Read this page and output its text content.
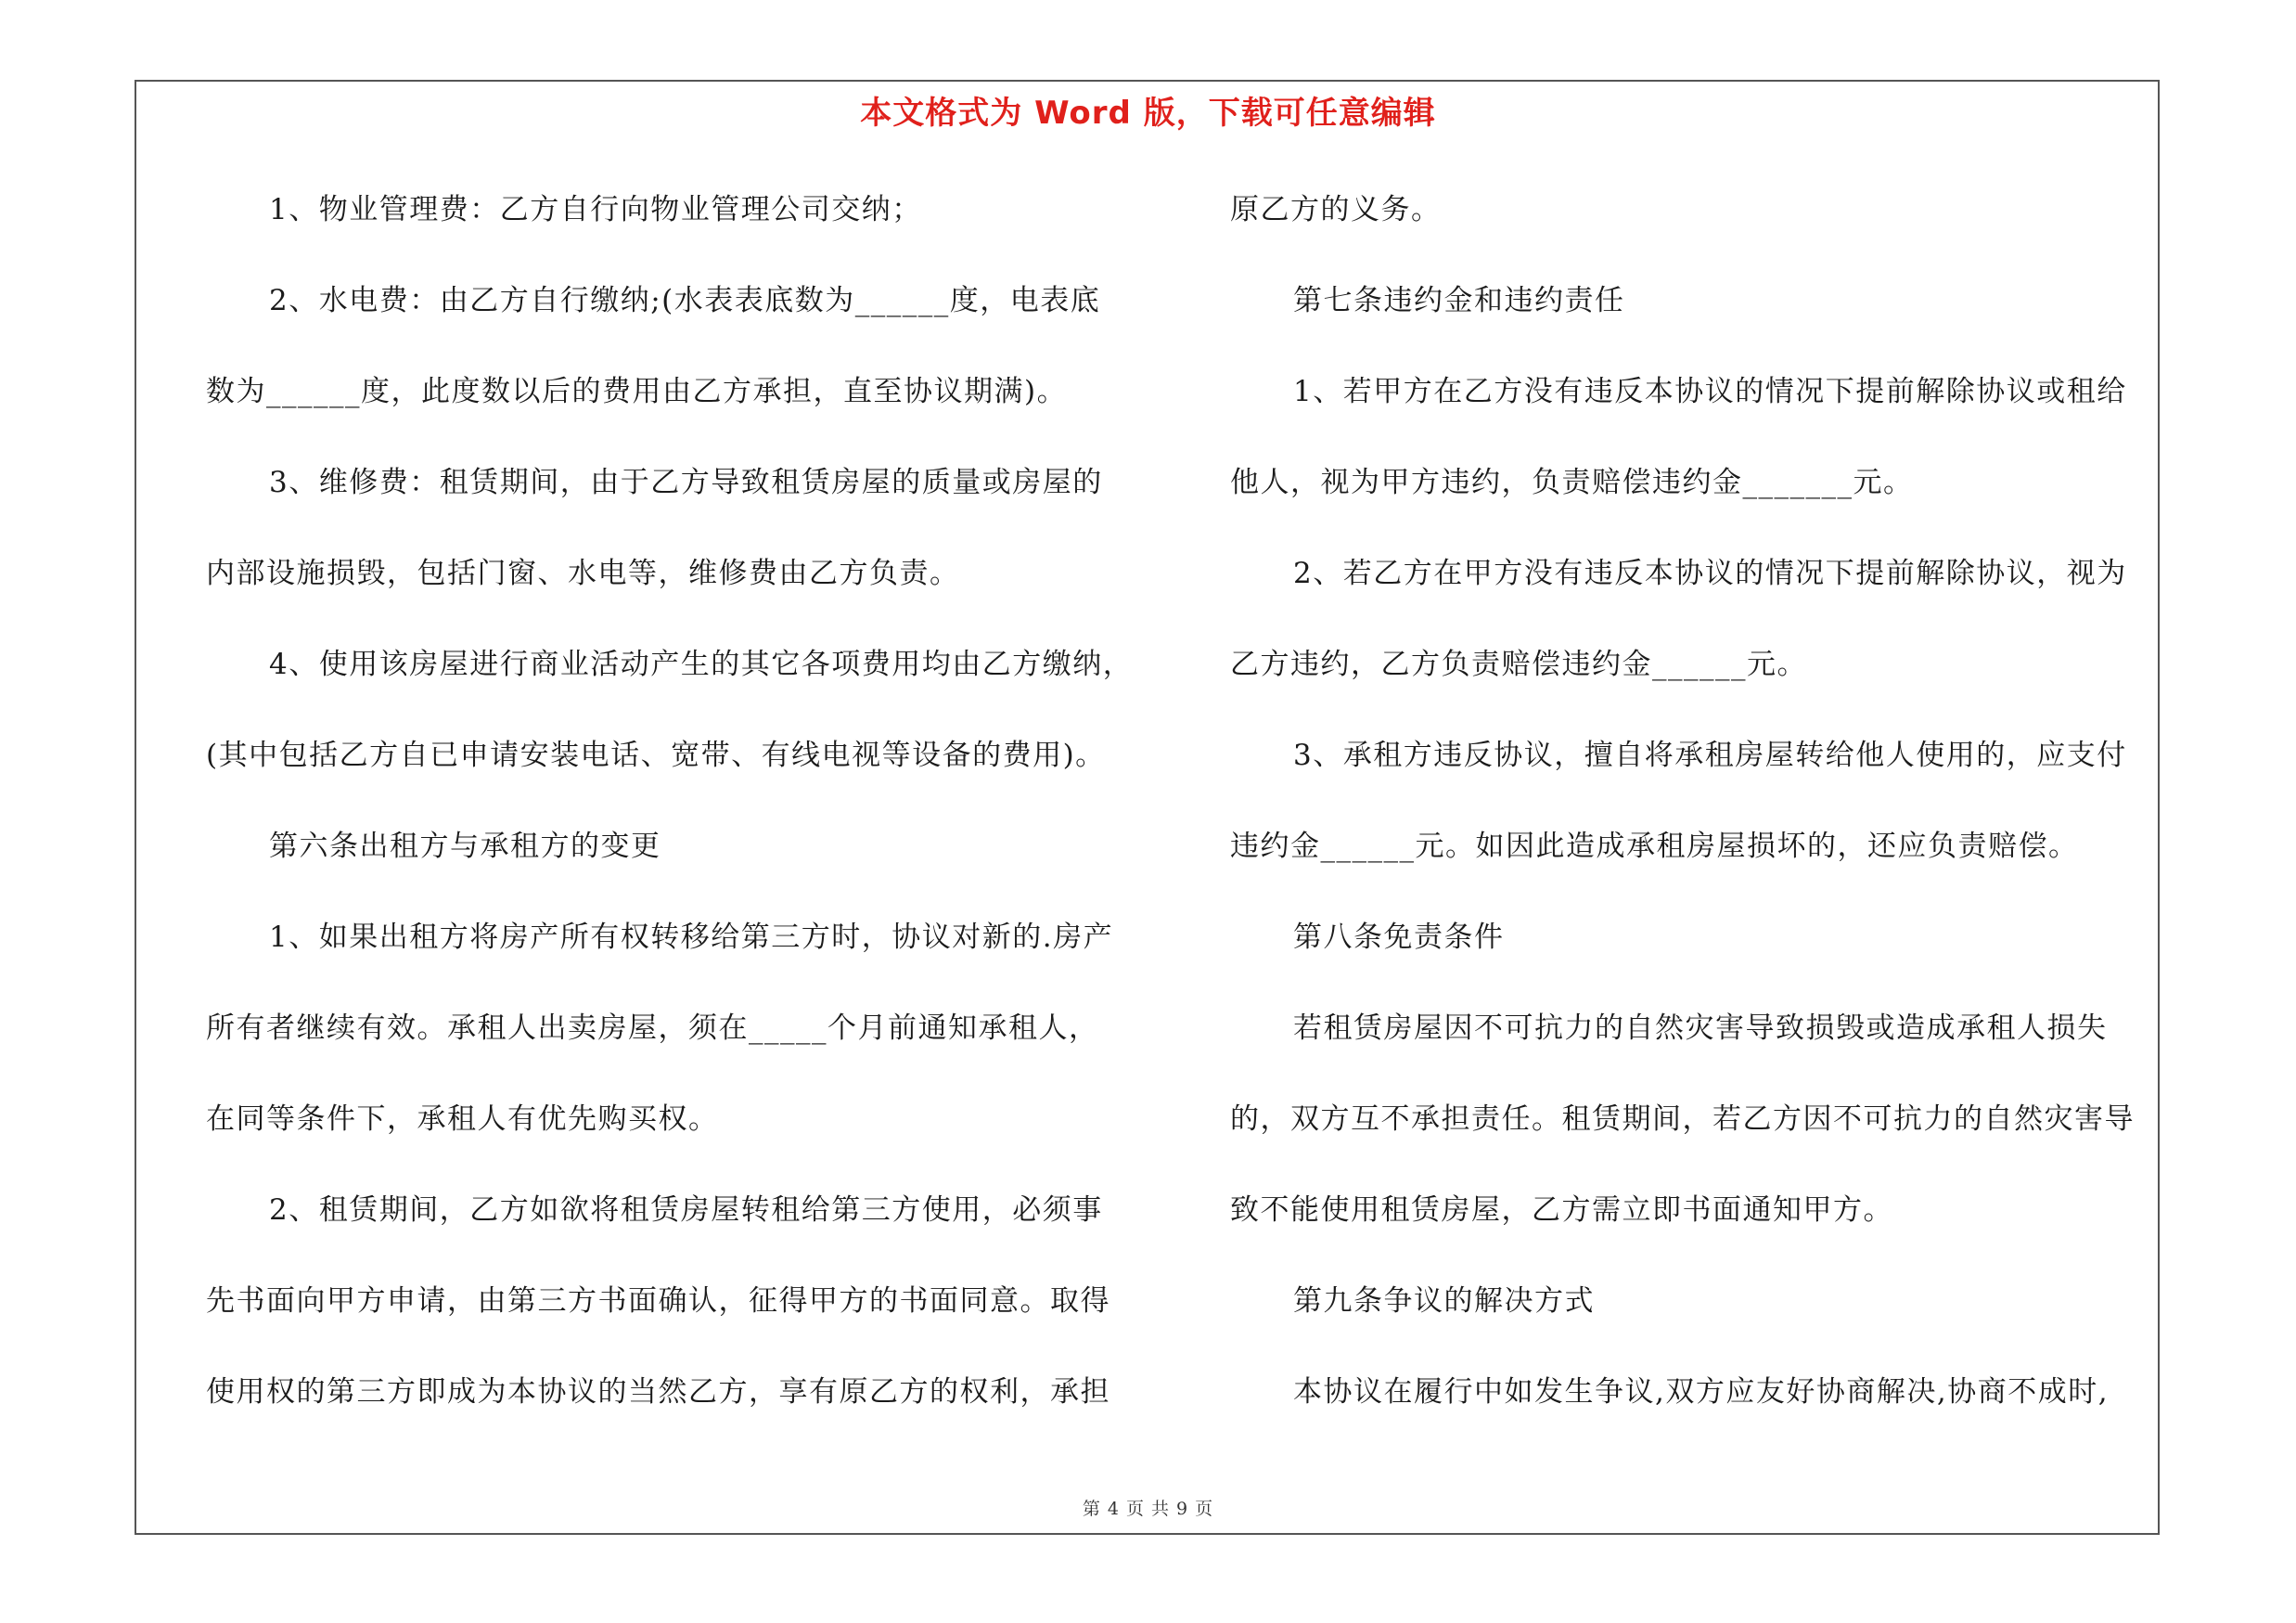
本文格式为 Word 版，下载可任意编辑
1、物业管理费：乙方自行向物业管理公司交纳；
2、水电费：由乙方自行缴纳;(水表表底数为______度，电表底
数为______度，此度数以后的费用由乙方承担，直至协议期满)。
3、维修费：租赁期间，由于乙方导致租赁房屋的质量或房屋的
内部设施损毁，包括门窗、水电等，维修费由乙方负责。
4、使用该房屋进行商业活动产生的其它各项费用均由乙方缴纳，
(其中包括乙方自已申请安装电话、宽带、有线电视等设备的费用)。
第六条出租方与承租方的变更
1、如果出租方将房产所有权转移给第三方时，协议对新的.房产
所有者继续有效。承租人出卖房屋，须在_____个月前通知承租人，
在同等条件下，承租人有优先购买权。
2、租赁期间，乙方如欲将租赁房屋转租给第三方使用，必须事
先书面向甲方申请，由第三方书面确认，征得甲方的书面同意。取得
使用权的第三方即成为本协议的当然乙方，享有原乙方的权利，承担
原乙方的义务。
第七条违约金和违约责任
1、若甲方在乙方没有违反本协议的情况下提前解除协议或租给
他人，视为甲方违约，负责赔偿违约金_______元。
2、若乙方在甲方没有违反本协议的情况下提前解除协议，视为
乙方违约，乙方负责赔偿违约金______元。
3、承租方违反协议，擅自将承租房屋转给他人使用的，应支付
违约金______元。如因此造成承租房屋损坏的，还应负责赔偿。
第八条免责条件
若租赁房屋因不可抗力的自然灾害导致损毁或造成承租人损失
的，双方互不承担责任。租赁期间，若乙方因不可抗力的自然灾害导
致不能使用租赁房屋，乙方需立即书面通知甲方。
第九条争议的解决方式
本协议在履行中如发生争议,双方应友好协商解决,协商不成时,
第 4 页 共 9 页
